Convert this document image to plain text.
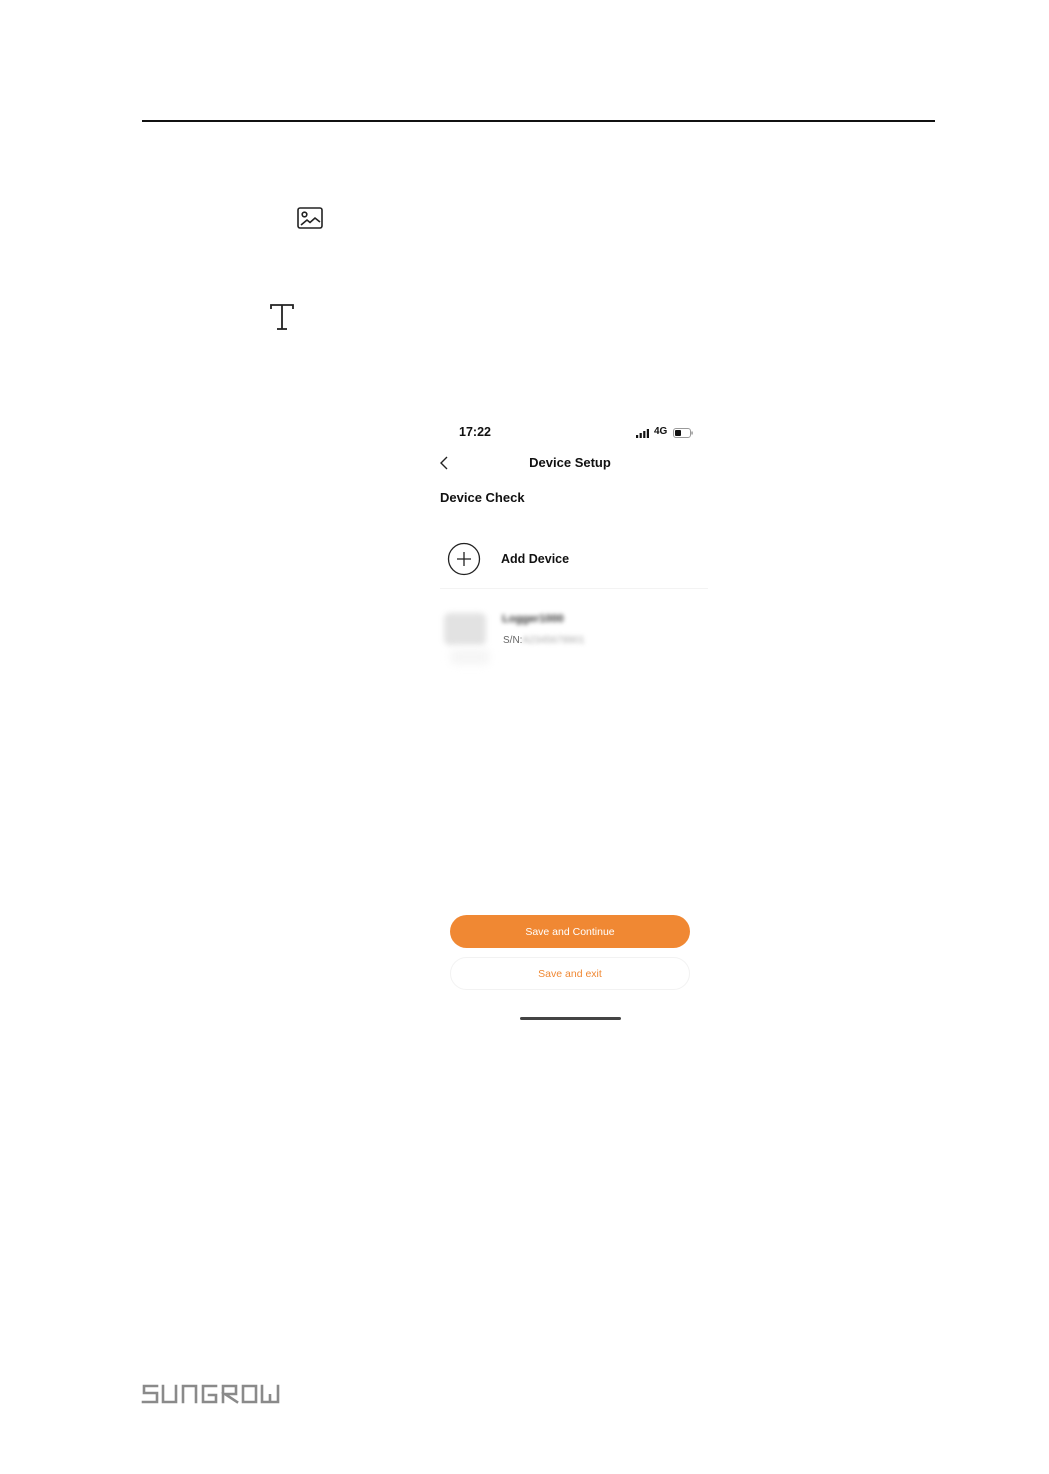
17:22	4G
Device Setup
Device Check
Add Device
Logger1000
S/N:A2345678901
Save and Continue
Save and exit
